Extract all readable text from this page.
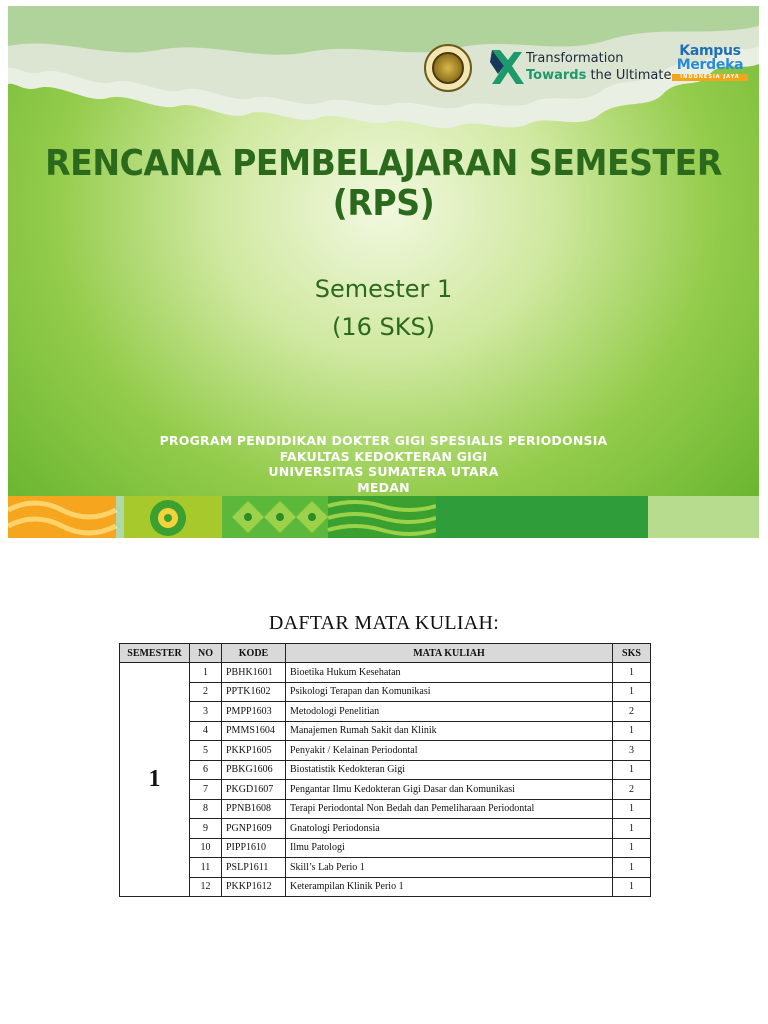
Transformation
Towards the Ultimate
Kampus
Merdeka
INDONESIA JAYA
RENCANA PEMBELAJARAN SEMESTER
(RPS)
Semester 1
(16 SKS)
PROGRAM PENDIDIKAN DOKTER GIGI SPESIALIS PERIODONSIA
FAKULTAS KEDOKTERAN GIGI
UNIVERSITAS SUMATERA UTARA
MEDAN
DAFTAR MATA KULIAH:
SEMESTER	NO	KODE	MATA KULIAH	SKS
1	1	PBHK1601	Bioetika Hukum Kesehatan	1
	2	PPTK1602	Psikologi Terapan dan Komunikasi	1
	3	PMPP1603	Metodologi Penelitian	2
	4	PMMS1604	Manajemen Rumah Sakit dan Klinik	1
	5	PKKP1605	Penyakit / Kelainan Periodontal	3
	6	PBKG1606	Biostatistik Kedokteran Gigi	1
	7	PKGD1607	Pengantar Ilmu Kedokteran Gigi Dasar dan Komunikasi	2
	8	PPNB1608	Terapi Periodontal Non Bedah dan Pemeliharaan Periodontal	1
	9	PGNP1609	Gnatologi Periodonsia	1
	10	PIPP1610	Ilmu Patologi	1
	11	PSLP1611	Skill’s Lab Perio 1	1
	12	PKKP1612	Keterampilan Klinik Perio 1	1
